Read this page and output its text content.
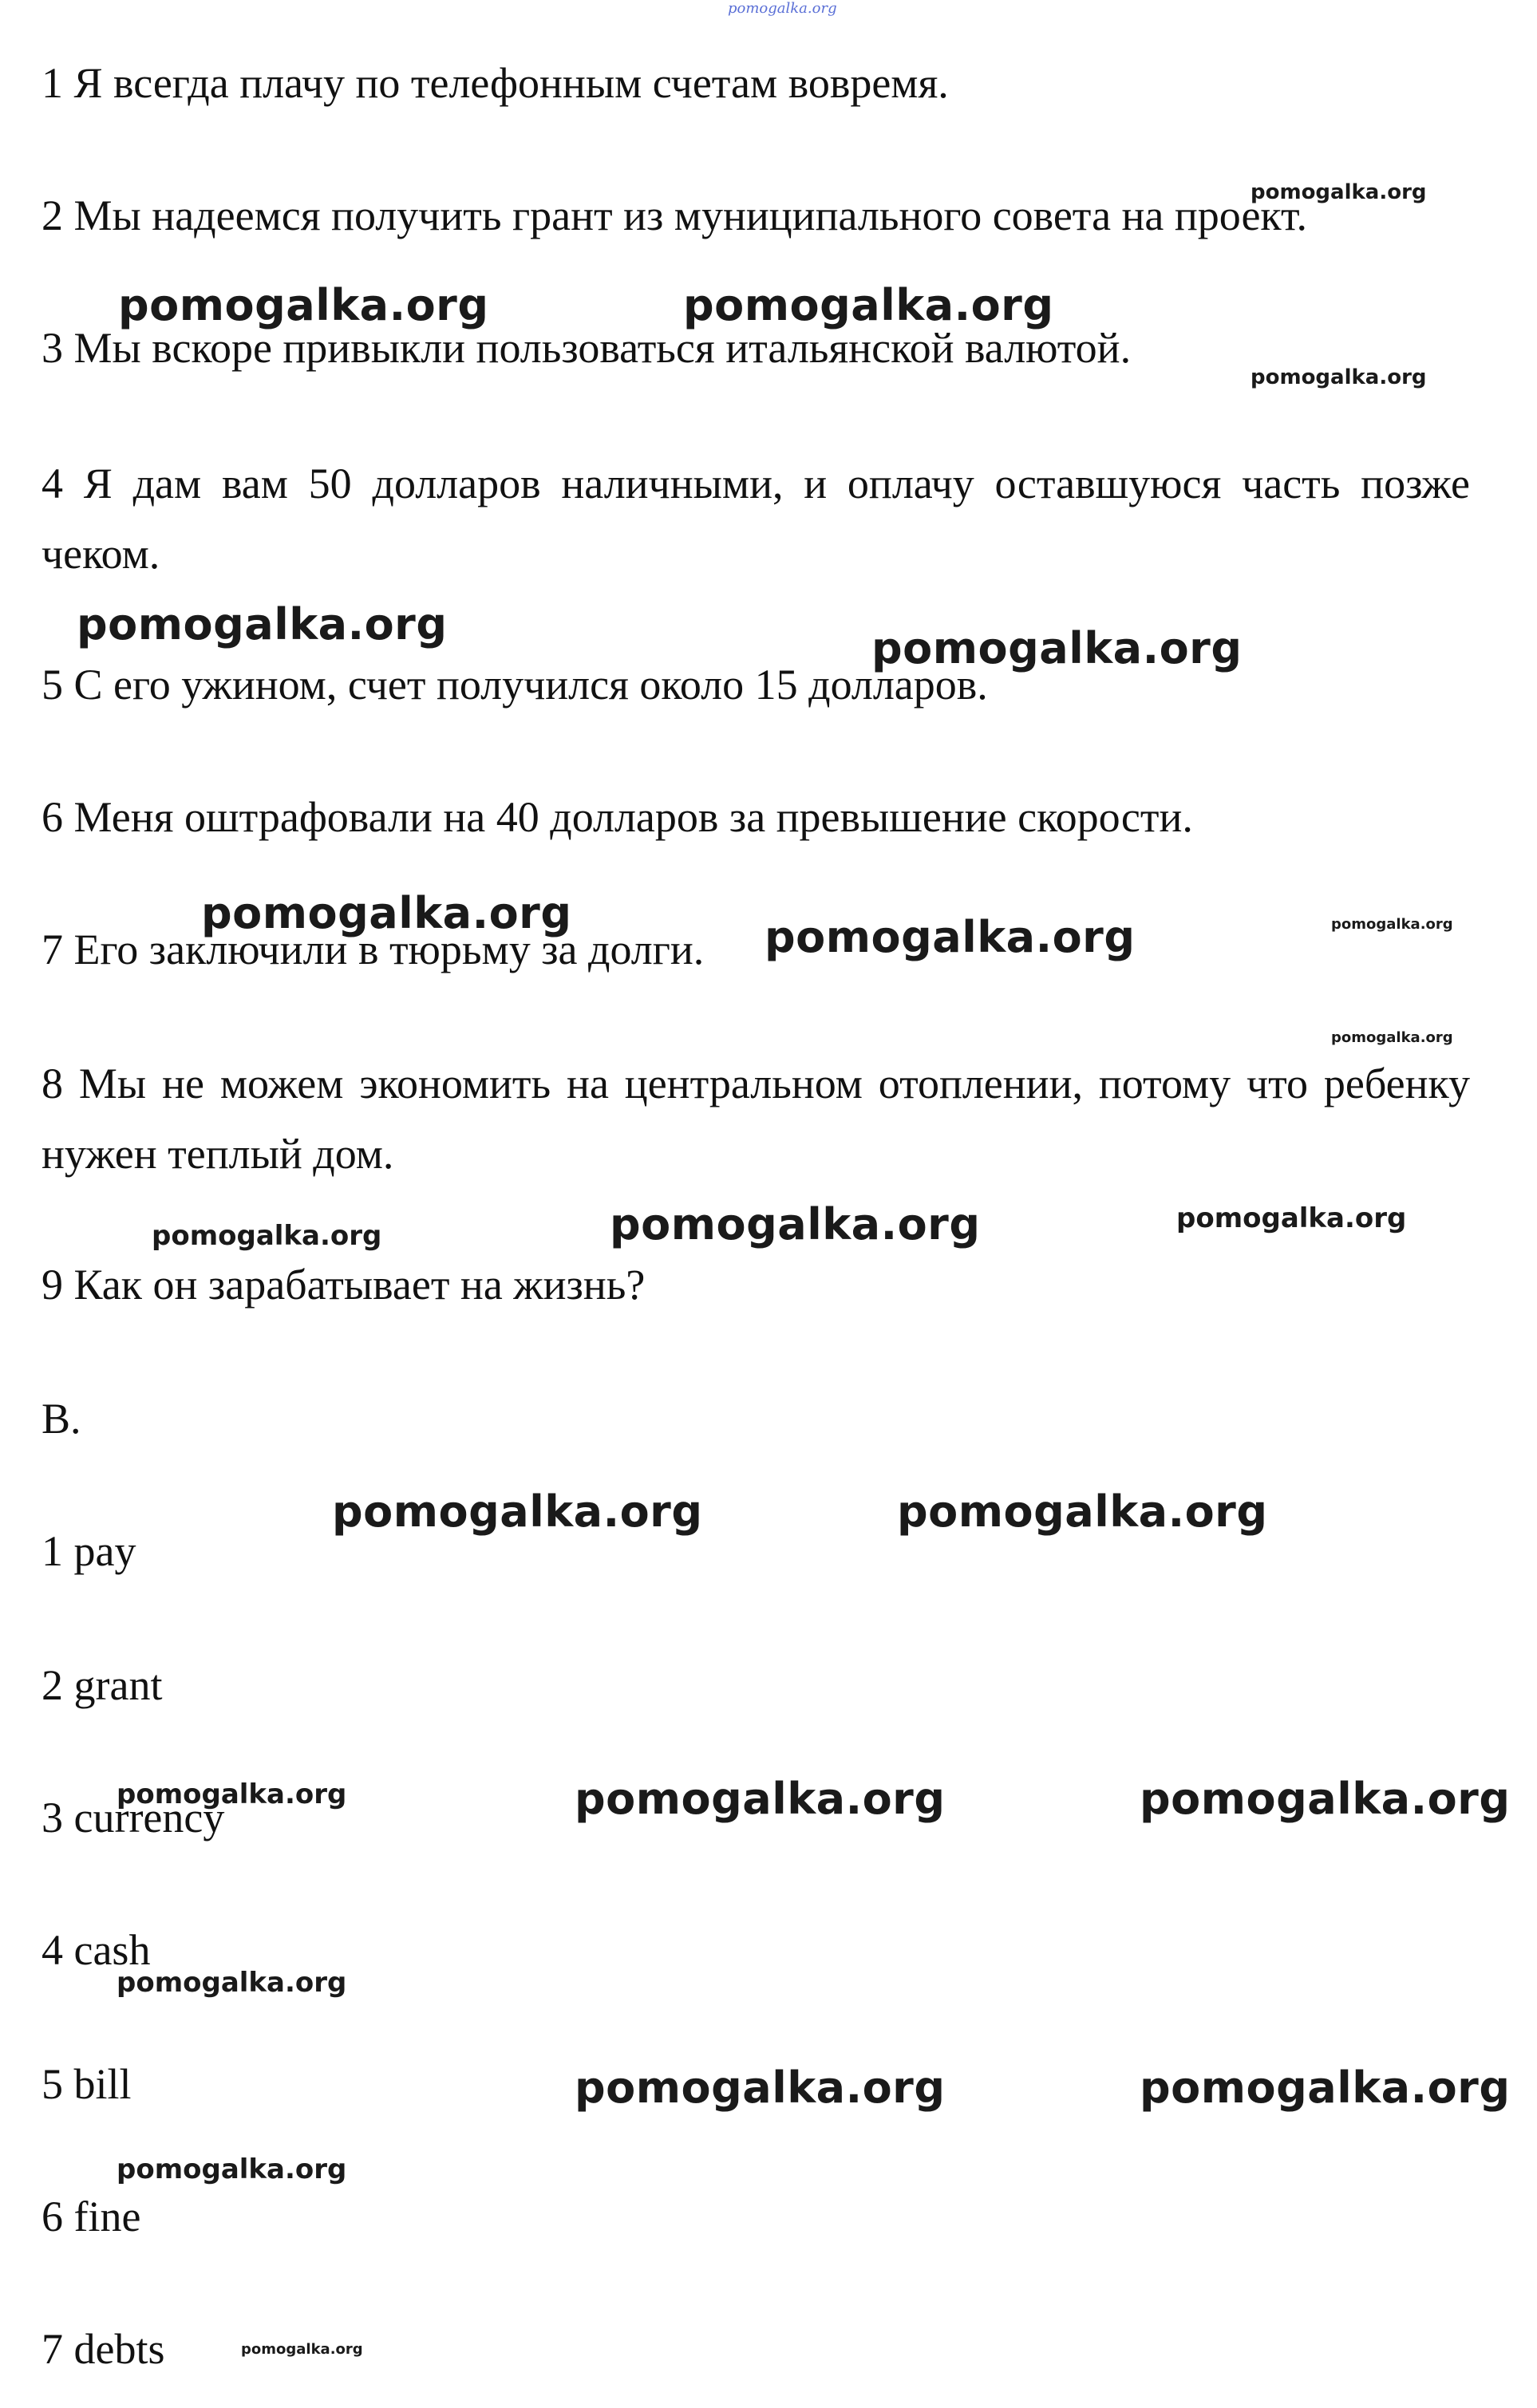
pomogalka.org

1 Я всегда плачу по телефонным счетам вовремя.

2 Мы надеемся получить грант из муниципального совета на проект.

3 Мы вскоре привыкли пользоваться итальянской валютой.

4 Я дам вам 50 долларов наличными, и оплачу оставшуюся часть позже чеком.

5 С его ужином, счет получился около 15 долларов.

6 Меня оштрафовали на 40 долларов за превышение скорости.

7 Его заключили в тюрьму за долги.

8 Мы не можем экономить на центральном отоплении, потому что ребенку нужен теплый дом.

9 Как он зарабатывает на жизнь?

B.

1 pay

2 grant

3 currency

4 cash

5 bill

6 fine

7 debts

pomogalka.org

pomogalka.org	pomogalka.org

pomogalka.org

pomogalka.org	pomogalka.org

pomogalka.org	pomogalka.org	pomogalka.org

pomogalka.org

pomogalka.org	pomogalka.org	pomogalka.org

pomogalka.org	pomogalka.org

pomogalka.org	pomogalka.org	pomogalka.org

pomogalka.org

pomogalka.org	pomogalka.org

pomogalka.org

pomogalka.org
